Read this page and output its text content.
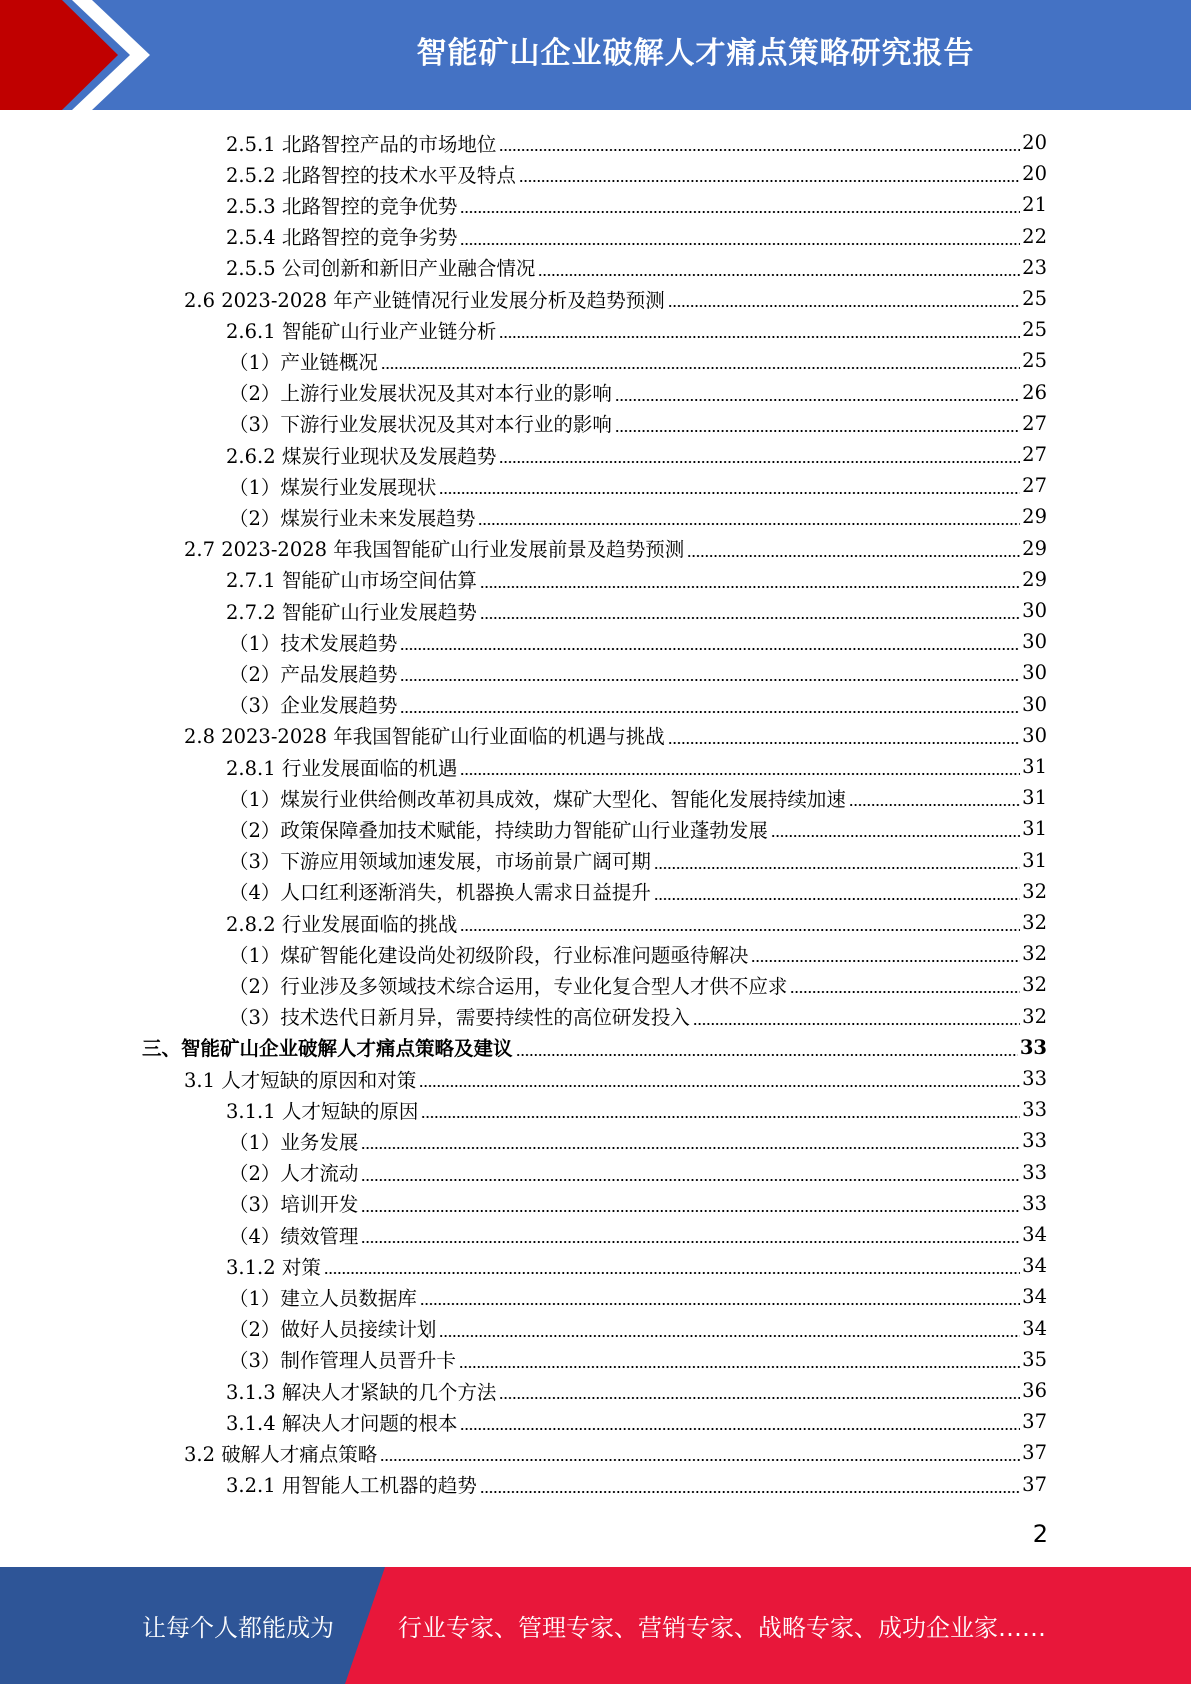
智能矿山企业破解人才痛点策略研究报告
2.5.1 北路智控产品的市场地位	20
2.5.2 北路智控的技术水平及特点	20
2.5.3 北路智控的竞争优势	21
2.5.4 北路智控的竞争劣势	22
2.5.5 公司创新和新旧产业融合情况	23
2.6 2023-2028 年产业链情况行业发展分析及趋势预测	25
2.6.1 智能矿山行业产业链分析	25
（1）产业链概况	25
（2）上游行业发展状况及其对本行业的影响	26
（3）下游行业发展状况及其对本行业的影响	27
2.6.2 煤炭行业现状及发展趋势	27
（1）煤炭行业发展现状	27
（2）煤炭行业未来发展趋势	29
2.7 2023-2028 年我国智能矿山行业发展前景及趋势预测	29
2.7.1 智能矿山市场空间估算	29
2.7.2 智能矿山行业发展趋势	30
（1）技术发展趋势	30
（2）产品发展趋势	30
（3）企业发展趋势	30
2.8 2023-2028 年我国智能矿山行业面临的机遇与挑战	30
2.8.1 行业发展面临的机遇	31
（1）煤炭行业供给侧改革初具成效，煤矿大型化、智能化发展持续加速	31
（2）政策保障叠加技术赋能，持续助力智能矿山行业蓬勃发展	31
（3）下游应用领域加速发展，市场前景广阔可期	31
（4）人口红利逐渐消失，机器换人需求日益提升	32
2.8.2 行业发展面临的挑战	32
（1）煤矿智能化建设尚处初级阶段，行业标准问题亟待解决	32
（2）行业涉及多领域技术综合运用，专业化复合型人才供不应求	32
（3）技术迭代日新月异，需要持续性的高位研发投入	32
三、智能矿山企业破解人才痛点策略及建议	33
3.1 人才短缺的原因和对策	33
3.1.1 人才短缺的原因	33
（1）业务发展	33
（2）人才流动	33
（3）培训开发	33
（4）绩效管理	34
3.1.2 对策	34
（1）建立人员数据库	34
（2）做好人员接续计划	34
（3）制作管理人员晋升卡	35
3.1.3 解决人才紧缺的几个方法	36
3.1.4 解决人才问题的根本	37
3.2 破解人才痛点策略	37
3.2.1 用智能人工机器的趋势	37
2
让每个人都能成为	行业专家、管理专家、营销专家、战略专家、成功企业家……
